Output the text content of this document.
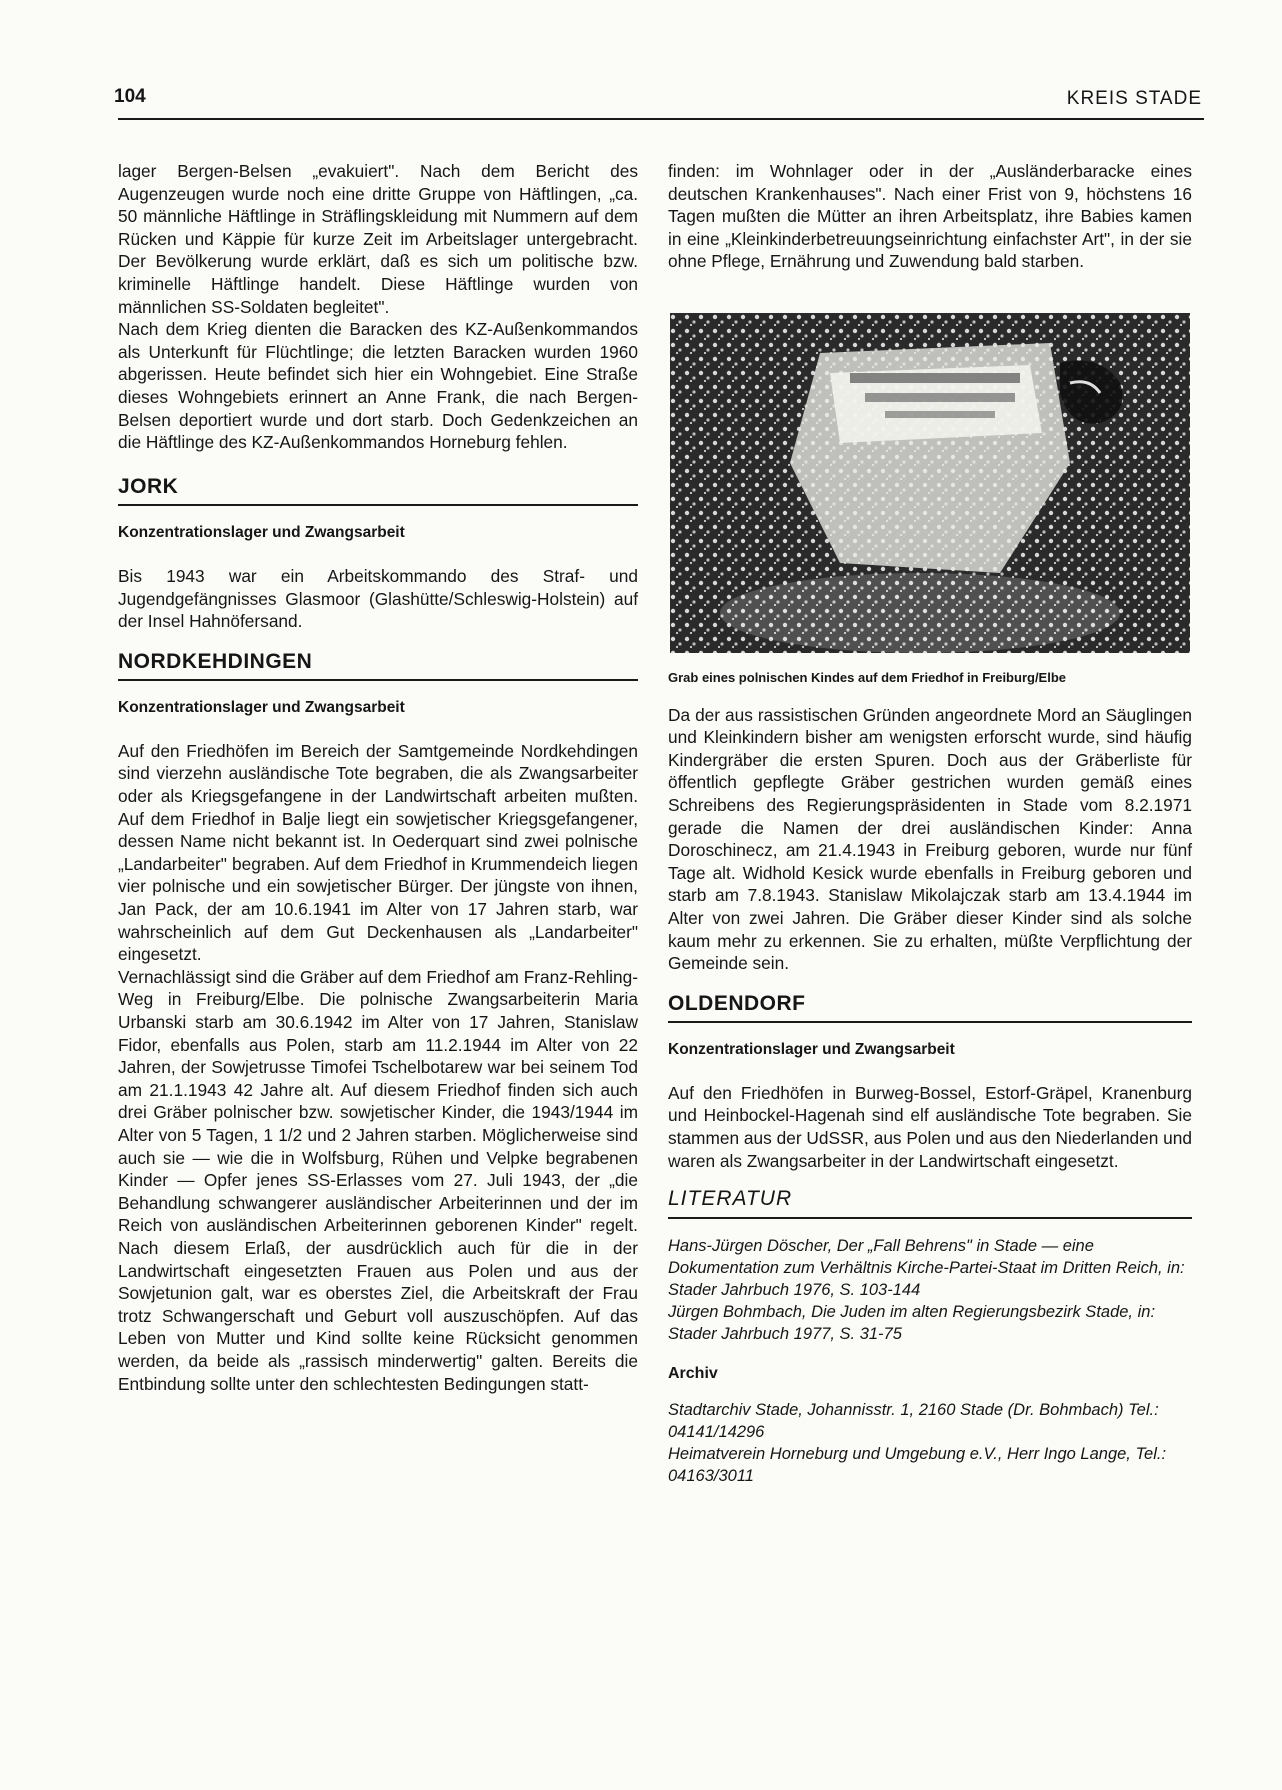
104	KREIS STADE

lager Bergen-Belsen „evakuiert". Nach dem Bericht des Augenzeugen wurde noch eine dritte Gruppe von Häftlingen, „ca. 50 männliche Häftlinge in Sträflingskleidung mit Nummern auf dem Rücken und Käppie für kurze Zeit im Arbeitslager untergebracht. Der Bevölkerung wurde erklärt, daß es sich um politische bzw. kriminelle Häftlinge handelt. Diese Häftlinge wurden von männlichen SS-Soldaten begleitet".

Nach dem Krieg dienten die Baracken des KZ-Außenkommandos als Unterkunft für Flüchtlinge; die letzten Baracken wurden 1960 abgerissen. Heute befindet sich hier ein Wohngebiet. Eine Straße dieses Wohngebiets erinnert an Anne Frank, die nach Bergen-Belsen deportiert wurde und dort starb. Doch Gedenkzeichen an die Häftlinge des KZ-Außenkommandos Horneburg fehlen.

JORK
Konzentrationslager und Zwangsarbeit

Bis 1943 war ein Arbeitskommando des Straf- und Jugendgefängnisses Glasmoor (Glashütte/Schleswig-Holstein) auf der Insel Hahnöfersand.

NORDKEHDINGEN
Konzentrationslager und Zwangsarbeit

Auf den Friedhöfen im Bereich der Samtgemeinde Nordkehdingen sind vierzehn ausländische Tote begraben, die als Zwangsarbeiter oder als Kriegsgefangene in der Landwirtschaft arbeiten mußten. Auf dem Friedhof in Balje liegt ein sowjetischer Kriegsgefangener, dessen Name nicht bekannt ist. In Oederquart sind zwei polnische „Landarbeiter" begraben. Auf dem Friedhof in Krummendeich liegen vier polnische und ein sowjetischer Bürger. Der jüngste von ihnen, Jan Pack, der am 10.6.1941 im Alter von 17 Jahren starb, war wahrscheinlich auf dem Gut Deckenhausen als „Landarbeiter" eingesetzt.

Vernachlässigt sind die Gräber auf dem Friedhof am Franz-Rehling-Weg in Freiburg/Elbe. Die polnische Zwangsarbeiterin Maria Urbanski starb am 30.6.1942 im Alter von 17 Jahren, Stanislaw Fidor, ebenfalls aus Polen, starb am 11.2.1944 im Alter von 22 Jahren, der Sowjetrusse Timofei Tschelbotarew war bei seinem Tod am 21.1.1943 42 Jahre alt. Auf diesem Friedhof finden sich auch drei Gräber polnischer bzw. sowjetischer Kinder, die 1943/1944 im Alter von 5 Tagen, 1 1/2 und 2 Jahren starben. Möglicherweise sind auch sie — wie die in Wolfsburg, Rühen und Velpke begrabenen Kinder — Opfer jenes SS-Erlasses vom 27. Juli 1943, der „die Behandlung schwangerer ausländischer Arbeiterinnen und der im Reich von ausländischen Arbeiterinnen geborenen Kinder" regelt. Nach diesem Erlaß, der ausdrücklich auch für die in der Landwirtschaft eingesetzten Frauen aus Polen und aus der Sowjetunion galt, war es oberstes Ziel, die Arbeitskraft der Frau trotz Schwangerschaft und Geburt voll auszuschöpfen. Auf das Leben von Mutter und Kind sollte keine Rücksicht genommen werden, da beide als „rassisch minderwertig" galten. Bereits die Entbindung sollte unter den schlechtesten Bedingungen statt-

finden: im Wohnlager oder in der „Ausländerbaracke eines deutschen Krankenhauses". Nach einer Frist von 9, höchstens 16 Tagen mußten die Mütter an ihren Arbeitsplatz, ihre Babies kamen in eine „Kleinkinderbetreuungseinrichtung einfachster Art", in der sie ohne Pflege, Ernährung und Zuwendung bald starben.

Grab eines polnischen Kindes auf dem Friedhof in Freiburg/Elbe

Da der aus rassistischen Gründen angeordnete Mord an Säuglingen und Kleinkindern bisher am wenigsten erforscht wurde, sind häufig Kindergräber die ersten Spuren. Doch aus der Gräberliste für öffentlich gepflegte Gräber gestrichen wurden gemäß eines Schreibens des Regierungspräsidenten in Stade vom 8.2.1971 gerade die Namen der drei ausländischen Kinder: Anna Doroschinecz, am 21.4.1943 in Freiburg geboren, wurde nur fünf Tage alt. Widhold Kesick wurde ebenfalls in Freiburg geboren und starb am 7.8.1943. Stanislaw Mikolajczak starb am 13.4.1944 im Alter von zwei Jahren. Die Gräber dieser Kinder sind als solche kaum mehr zu erkennen. Sie zu erhalten, müßte Verpflichtung der Gemeinde sein.

OLDENDORF
Konzentrationslager und Zwangsarbeit

Auf den Friedhöfen in Burweg-Bossel, Estorf-Gräpel, Kranenburg und Heinbockel-Hagenah sind elf ausländische Tote begraben. Sie stammen aus der UdSSR, aus Polen und aus den Niederlanden und waren als Zwangsarbeiter in der Landwirtschaft eingesetzt.

LITERATUR

Hans-Jürgen Döscher, Der „Fall Behrens" in Stade — eine Dokumentation zum Verhältnis Kirche-Partei-Staat im Dritten Reich, in: Stader Jahrbuch 1976, S. 103-144

Jürgen Bohmbach, Die Juden im alten Regierungsbezirk Stade, in: Stader Jahrbuch 1977, S. 31-75

Archiv

Stadtarchiv Stade, Johannisstr. 1, 2160 Stade (Dr. Bohmbach) Tel.: 04141/14296

Heimatverein Horneburg und Umgebung e.V., Herr Ingo Lange, Tel.: 04163/3011
